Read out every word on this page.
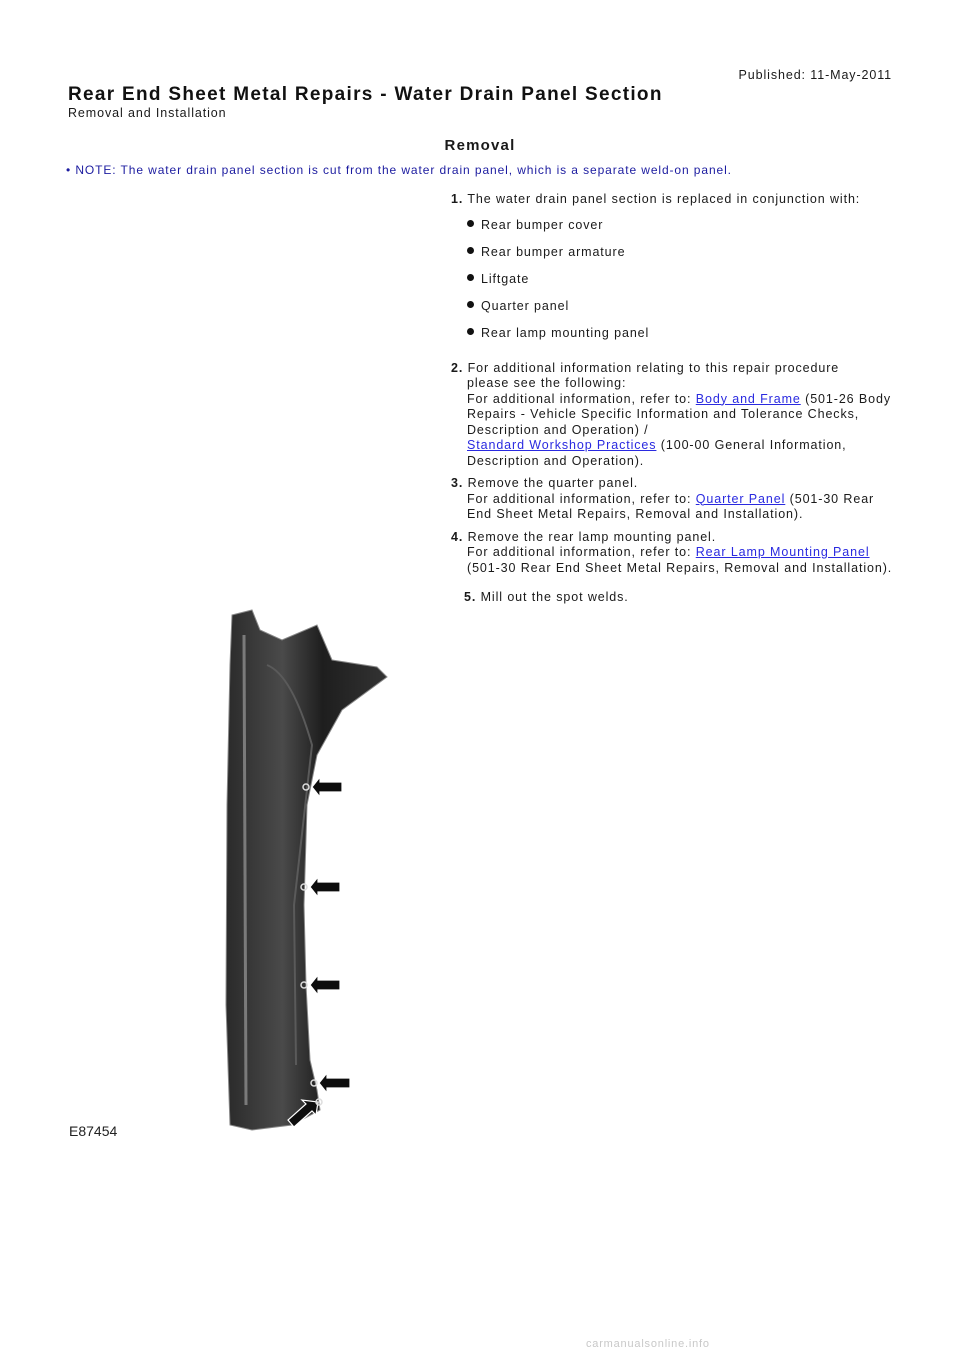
Published: 11-May-2011
Rear End Sheet Metal Repairs - Water Drain Panel Section
Removal and Installation
Removal
• NOTE: The water drain panel section is cut from the water drain panel, which is a separate weld-on panel.
1. The water drain panel section is replaced in conjunction with:
Rear bumper cover
Rear bumper armature
Liftgate
Quarter panel
Rear lamp mounting panel
2. For additional information relating to this repair procedure
please see the following:
For additional information, refer to: Body and Frame (501-26 Body Repairs - Vehicle Specific Information and Tolerance Checks, Description and Operation) /
Standard Workshop Practices (100-00 General Information, Description and Operation).
3. Remove the quarter panel.
For additional information, refer to: Quarter Panel (501-30 Rear End Sheet Metal Repairs, Removal and Installation).
4. Remove the rear lamp mounting panel.
For additional information, refer to: Rear Lamp Mounting Panel (501-30 Rear End Sheet Metal Repairs, Removal and Installation).
5. Mill out the spot welds.
E87454
carmanualsonline.info
